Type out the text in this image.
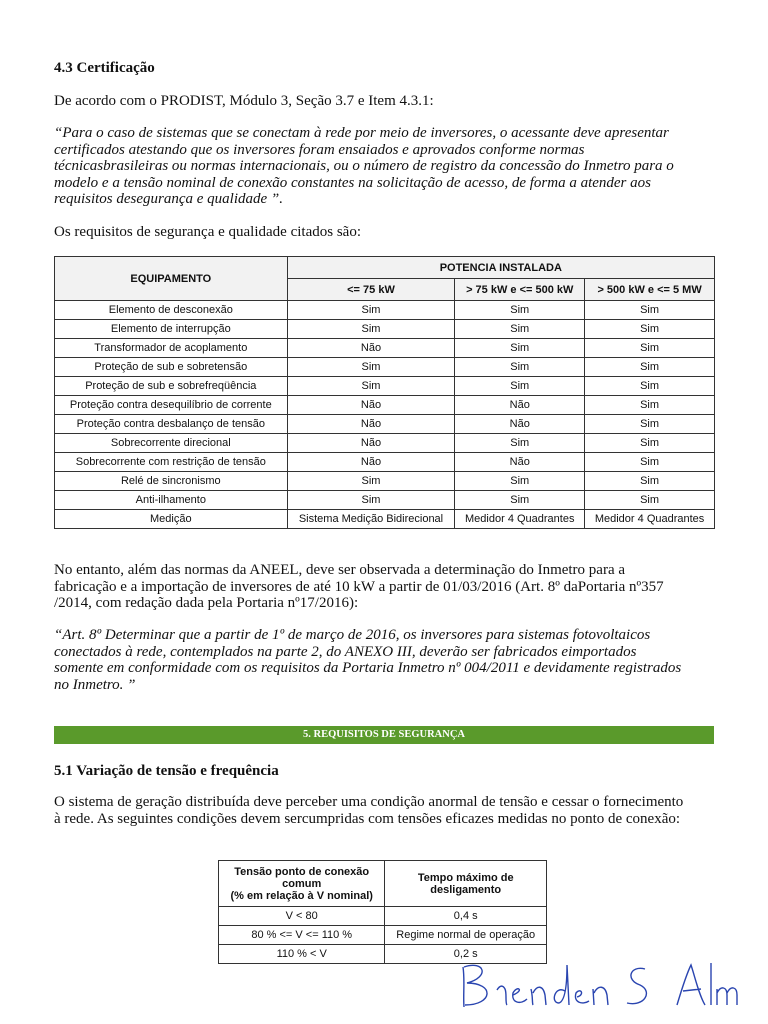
4.3 Certificação
De acordo com o PRODIST, Módulo 3, Seção 3.7 e Item 4.3.1:
“Para o caso de sistemas que se conectam à rede por meio de inversores, o acessante deve apresentar
certificados atestando que os inversores foram ensaiados e aprovados conforme normas
técnicasbrasileiras ou normas internacionais, ou o número de registro da concessão do Inmetro para o
modelo e a tensão nominal de conexão constantes na solicitação de acesso, de forma a atender aos
requisitos desegurança e qualidade ”.
Os requisitos de segurança e qualidade citados são:
EQUIPAMENTO	POTENCIA INSTALADA		
	<= 75 kW	> 75 kW e <= 500 kW	> 500 kW e <= 5 MW
Elemento de desconexão	Sim	Sim	Sim
Elemento de interrupção	Sim	Sim	Sim
Transformador de acoplamento	Não	Sim	Sim
Proteção de sub e sobretensão	Sim	Sim	Sim
Proteção de sub e sobrefreqüência	Sim	Sim	Sim
Proteção contra desequilíbrio de corrente	Não	Não	Sim
Proteção contra desbalanço de tensão	Não	Não	Sim
Sobrecorrente direcional	Não	Sim	Sim
Sobrecorrente com restrição de tensão	Não	Não	Sim
Relé de sincronismo	Sim	Sim	Sim
Anti-ilhamento	Sim	Sim	Sim
Medição	Sistema Medição Bidirecional	Medidor 4 Quadrantes	Medidor 4 Quadrantes
No entanto, além das normas da ANEEL, deve ser observada a determinação do Inmetro para a
fabricação e a importação de inversores de até 10 kW a partir de 01/03/2016 (Art. 8º daPortaria nº357
/2014, com redação dada pela Portaria nº17/2016):
“Art. 8º Determinar que a partir de 1º de março de 2016, os inversores para sistemas fotovoltaicos
conectados à rede, contemplados na parte 2, do ANEXO III, deverão ser fabricados eimportados
somente em conformidade com os requisitos da Portaria Inmetro nº 004/2011 e devidamente registrados
no Inmetro. ”
5. REQUISITOS DE SEGURANÇA
5.1 Variação de tensão e frequência
O sistema de geração distribuída deve perceber uma condição anormal de tensão e cessar o fornecimento
à rede. As seguintes condições devem sercumpridas com tensões eficazes medidas no ponto de conexão:
Tensão ponto de conexão
comum
(% em relação à V nominal)	Tempo máximo de
desligamento
V < 80	0,4 s
80 % <= V <= 110 %	Regime normal de operação
110 % < V	0,2 s
